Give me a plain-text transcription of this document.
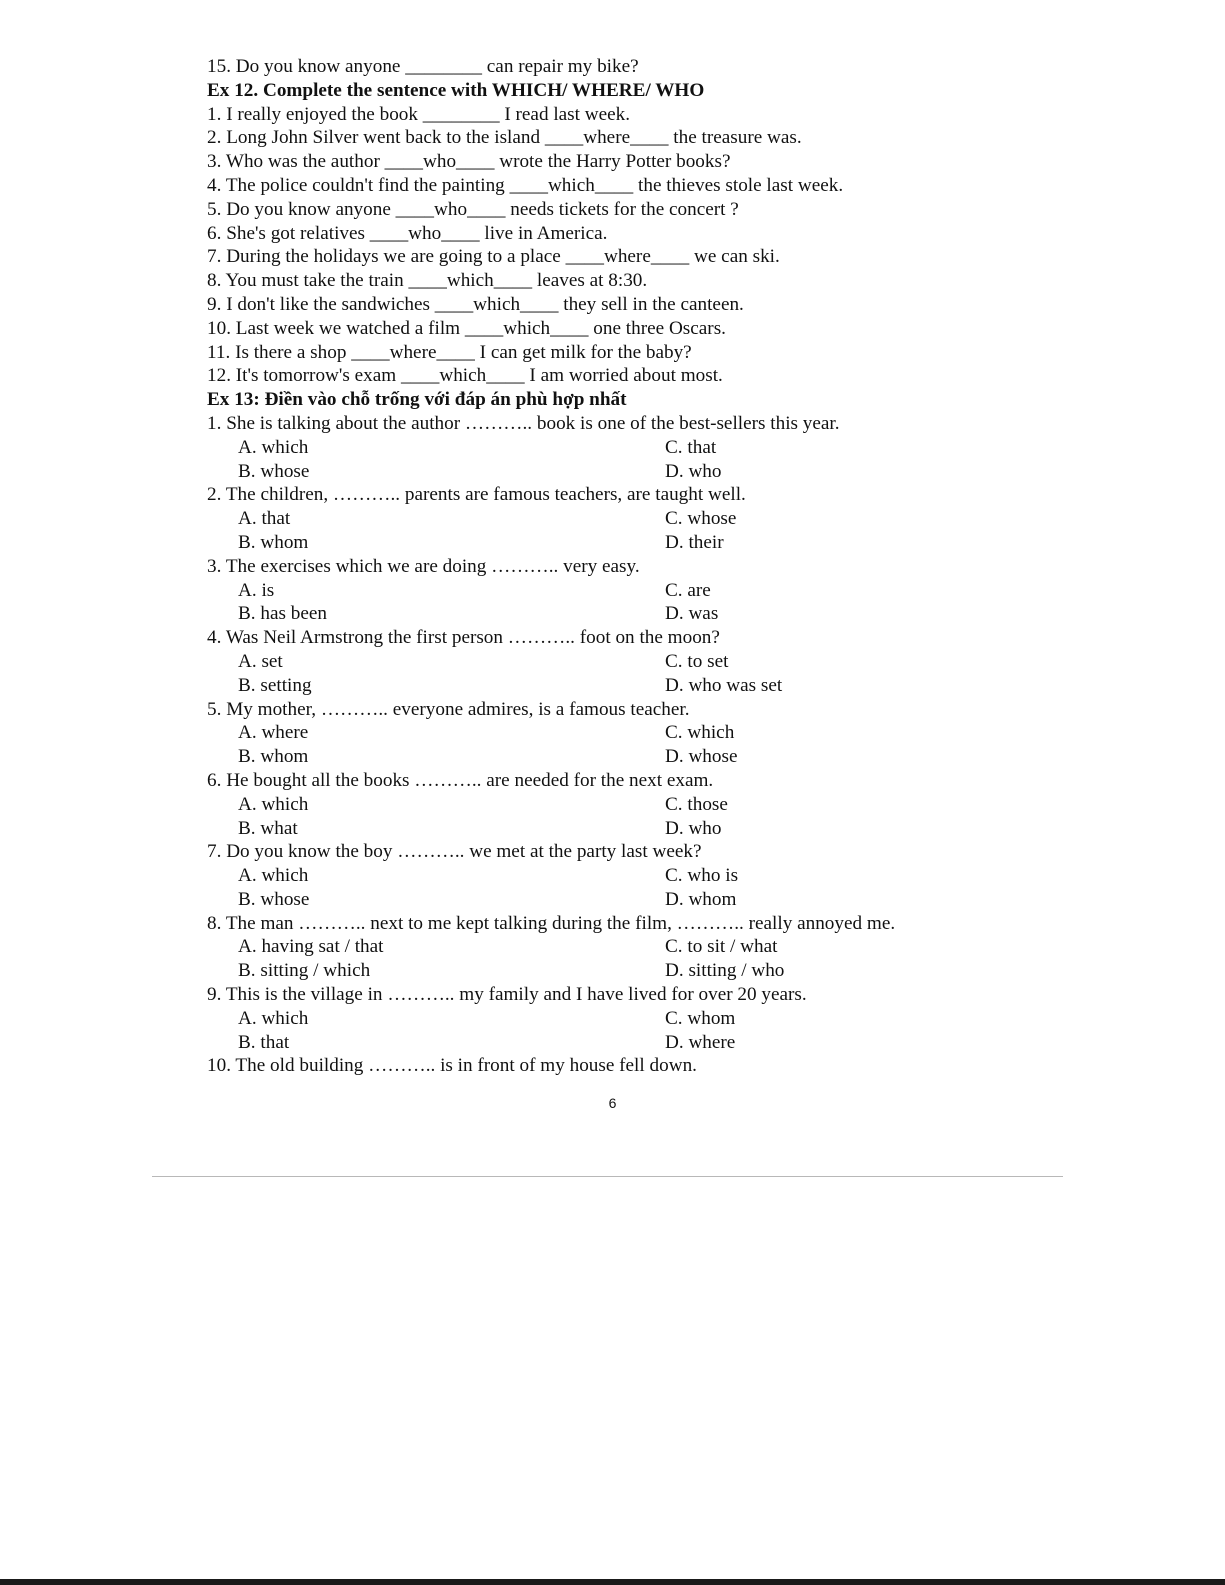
15. Do you know anyone ________ can repair my bike?
Ex 12. Complete the sentence with WHICH/ WHERE/ WHO
1. I really enjoyed the book ________ I read last week.
2. Long John Silver went back to the island ____where____ the treasure was.
3. Who was the author ____who____ wrote the Harry Potter books?
4. The police couldn't find the painting ____which____ the thieves stole last week.
5. Do you know anyone ____who____ needs tickets for the concert ?
6. She's got relatives ____who____ live in America.
7. During the holidays we are going to a place ____where____ we can ski.
8. You must take the train ____which____ leaves at 8:30.
9. I don't like the sandwiches ____which____ they sell in the canteen.
10. Last week we watched a film ____which____ one three Oscars.
11. Is there a shop ____where____ I can get milk for the baby?
12. It's tomorrow's exam ____which____ I am worried about most.
Ex 13: Điền vào chỗ trống với đáp án phù hợp nhất
1. She is talking about the author ……….. book is one of the best-sellers this year.

A. which

	C. that

B. whose

	D. who

2. The children, ……….. parents are famous teachers, are taught well.

A. that

	C. whose

B. whom

	D. their

3. The exercises which we are doing ……….. very easy.

A. is

	C. are

B. has been

	D. was

4. Was Neil Armstrong the first person ……….. foot on the moon?

A. set

	C. to set

B. setting

	D. who was set

5. My mother, ……….. everyone admires, is a famous teacher.

A. where

	C. which

B. whom

	D. whose

6. He bought all the books ……….. are needed for the next exam.

A. which

	C. those

B. what

	D. who

7. Do you know the boy ……….. we met at the party last week?

A. which

	C. who is

B. whose

	D. whom

8. The man ……….. next to me kept talking during the film, ……….. really annoyed me.

A. having sat / that

	C. to sit / what

B. sitting / which

	D. sitting / who

9. This is the village in ……….. my family and I have lived for over 20 years.

A. which

	C. whom

B. that

	D. where

10. The old building ……….. is in front of my house fell down.
6
